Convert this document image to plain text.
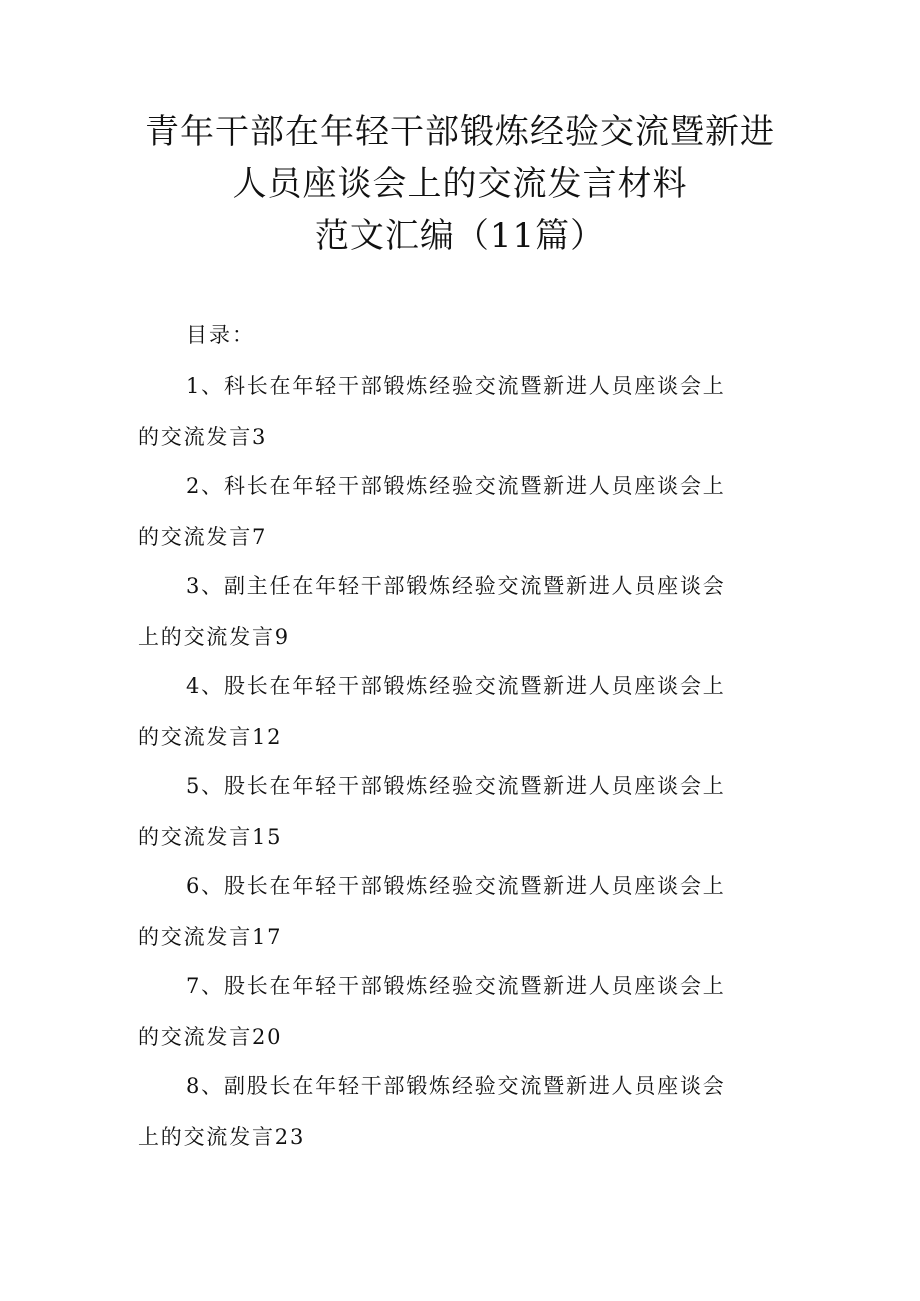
青年干部在年轻干部锻炼经验交流暨新进
人员座谈会上的交流发言材料
范文汇编（11篇）
目录：
1、科长在年轻干部锻炼经验交流暨新进人员座谈会上
的交流发言3
2、科长在年轻干部锻炼经验交流暨新进人员座谈会上
的交流发言7
3、副主任在年轻干部锻炼经验交流暨新进人员座谈会
上的交流发言9
4、股长在年轻干部锻炼经验交流暨新进人员座谈会上
的交流发言12
5、股长在年轻干部锻炼经验交流暨新进人员座谈会上
的交流发言15
6、股长在年轻干部锻炼经验交流暨新进人员座谈会上
的交流发言17
7、股长在年轻干部锻炼经验交流暨新进人员座谈会上
的交流发言20
8、副股长在年轻干部锻炼经验交流暨新进人员座谈会
上的交流发言23
